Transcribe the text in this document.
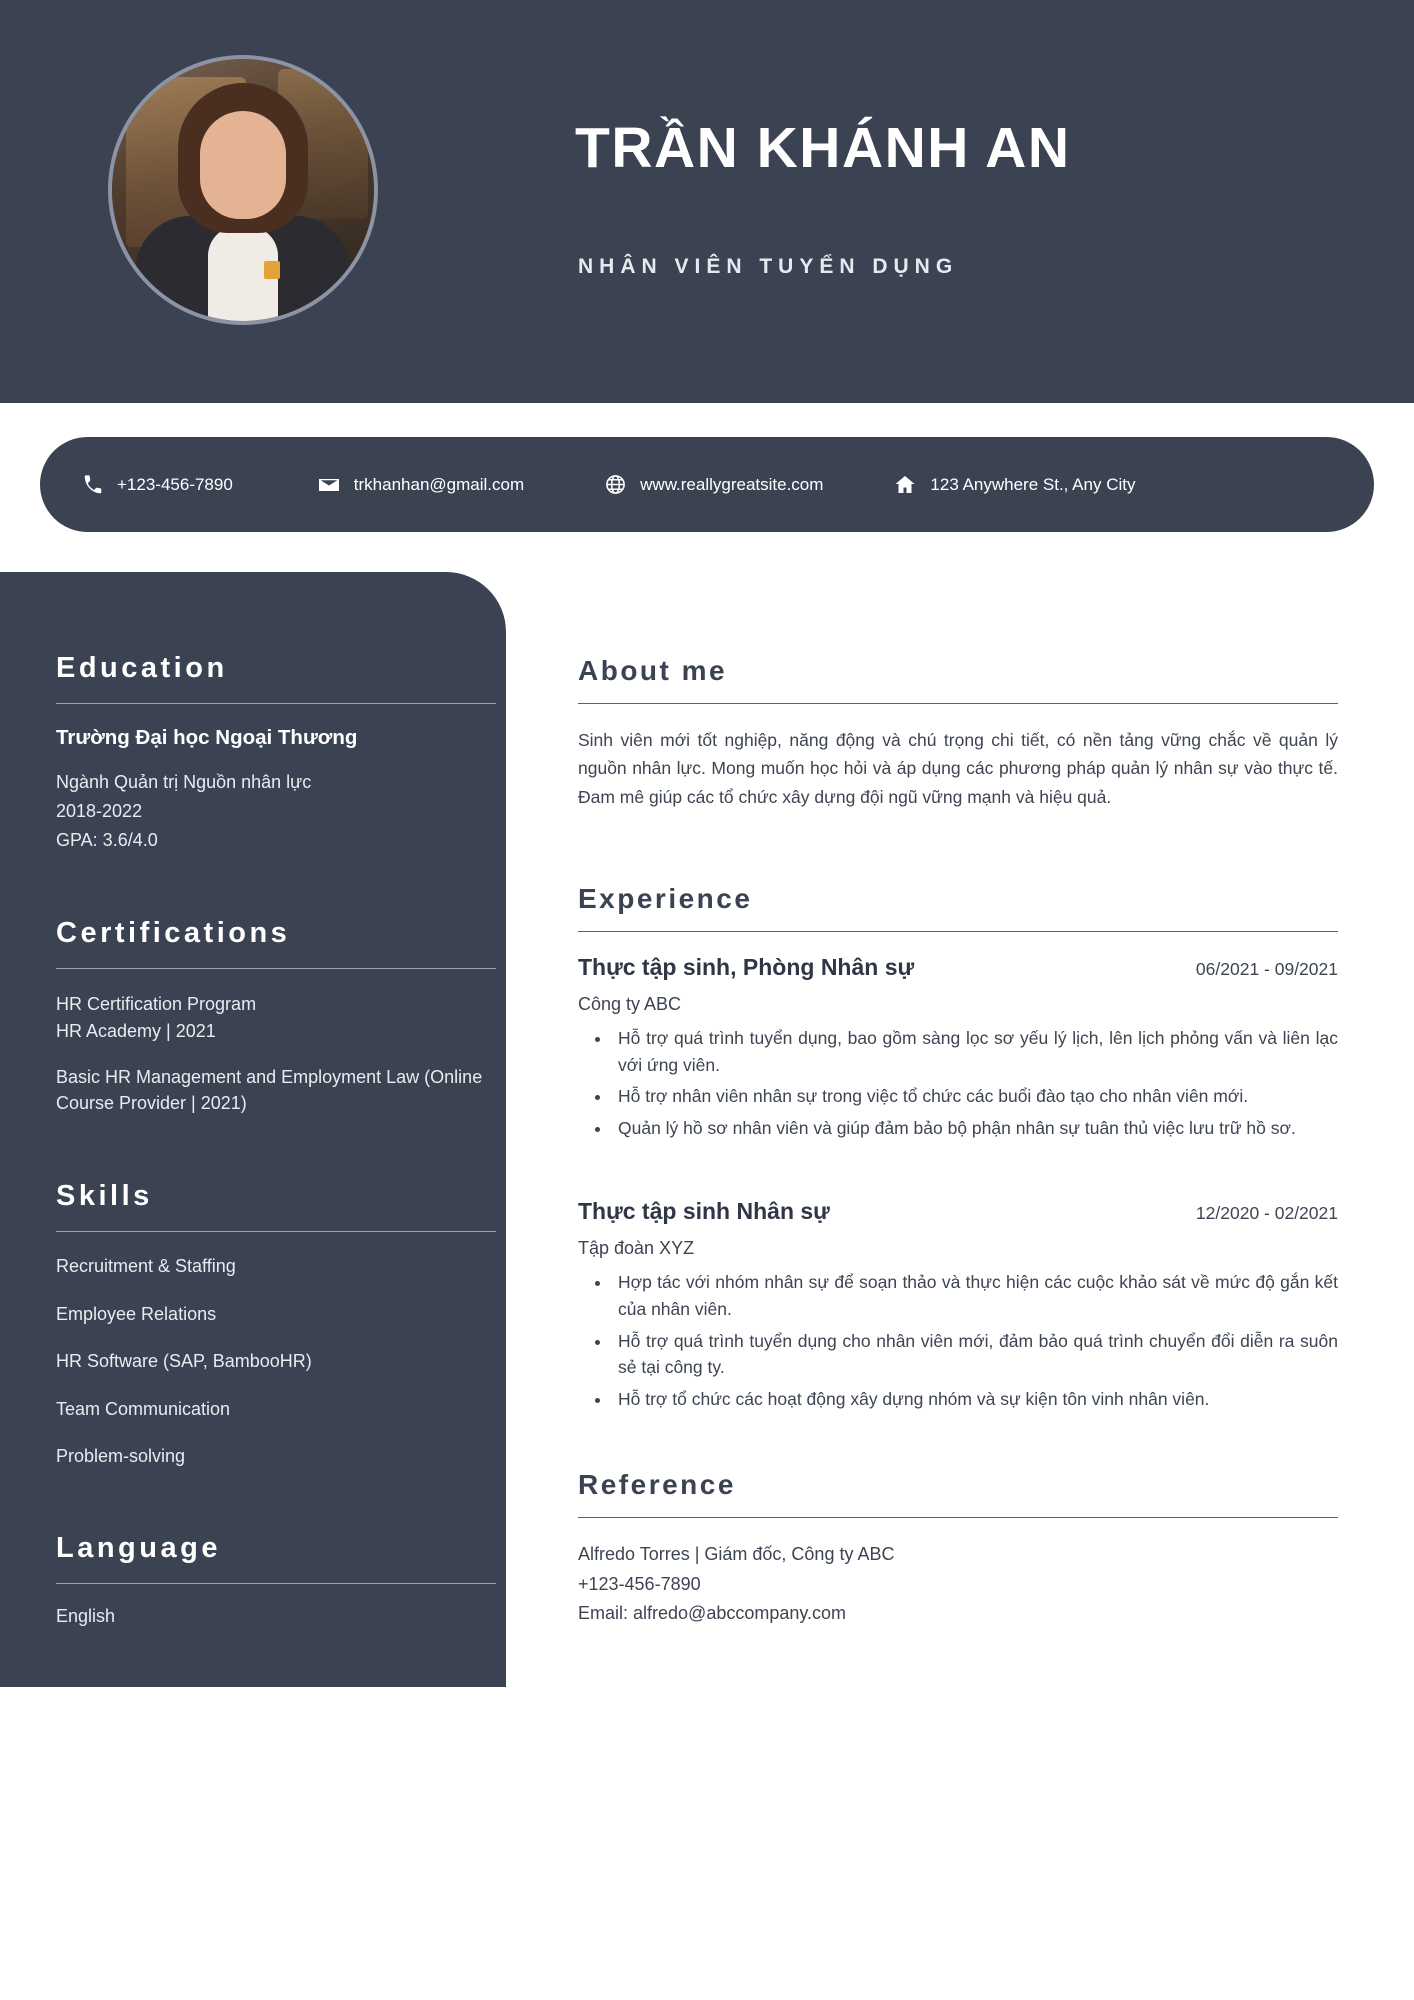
TRẦN KHÁNH AN
NHÂN VIÊN TUYỂN DỤNG
+123-456-7890	trkhanhan@gmail.com	www.reallygreatsite.com	123 Anywhere St., Any City
Education
Trường Đại học Ngoại Thương
Ngành Quản trị Nguồn nhân lực
2018-2022
GPA: 3.6/4.0
Certifications
HR Certification Program
HR Academy | 2021
Basic HR Management and Employment Law (Online Course Provider | 2021)
Skills
Recruitment & Staffing
Employee Relations
HR Software (SAP, BambooHR)
Team Communication
Problem-solving
Language
English
About me

Sinh viên mới tốt nghiệp, năng động và chú trọng chi tiết, có nền tảng vững chắc về quản lý nguồn nhân lực. Mong muốn học hỏi và áp dụng các phương pháp quản lý nhân sự vào thực tế. Đam mê giúp các tổ chức xây dựng đội ngũ vững mạnh và hiệu quả.

Experience
Thực tập sinh, Phòng Nhân sự	06/2021 - 09/2021
Công ty ABC
• Hỗ trợ quá trình tuyển dụng, bao gồm sàng lọc sơ yếu lý lịch, lên lịch phỏng vấn và liên lạc với ứng viên.
• Hỗ trợ nhân viên nhân sự trong việc tổ chức các buổi đào tạo cho nhân viên mới.
• Quản lý hồ sơ nhân viên và giúp đảm bảo bộ phận nhân sự tuân thủ việc lưu trữ hồ sơ.
Thực tập sinh Nhân sự	12/2020 - 02/2021
Tập đoàn XYZ
• Hợp tác với nhóm nhân sự để soạn thảo và thực hiện các cuộc khảo sát về mức độ gắn kết của nhân viên.
• Hỗ trợ quá trình tuyển dụng cho nhân viên mới, đảm bảo quá trình chuyển đổi diễn ra suôn sẻ tại công ty.
• Hỗ trợ tổ chức các hoạt động xây dựng nhóm và sự kiện tôn vinh nhân viên.
Reference
Alfredo Torres | Giám đốc, Công ty ABC
+123-456-7890
Email: alfredo@abccompany.com
